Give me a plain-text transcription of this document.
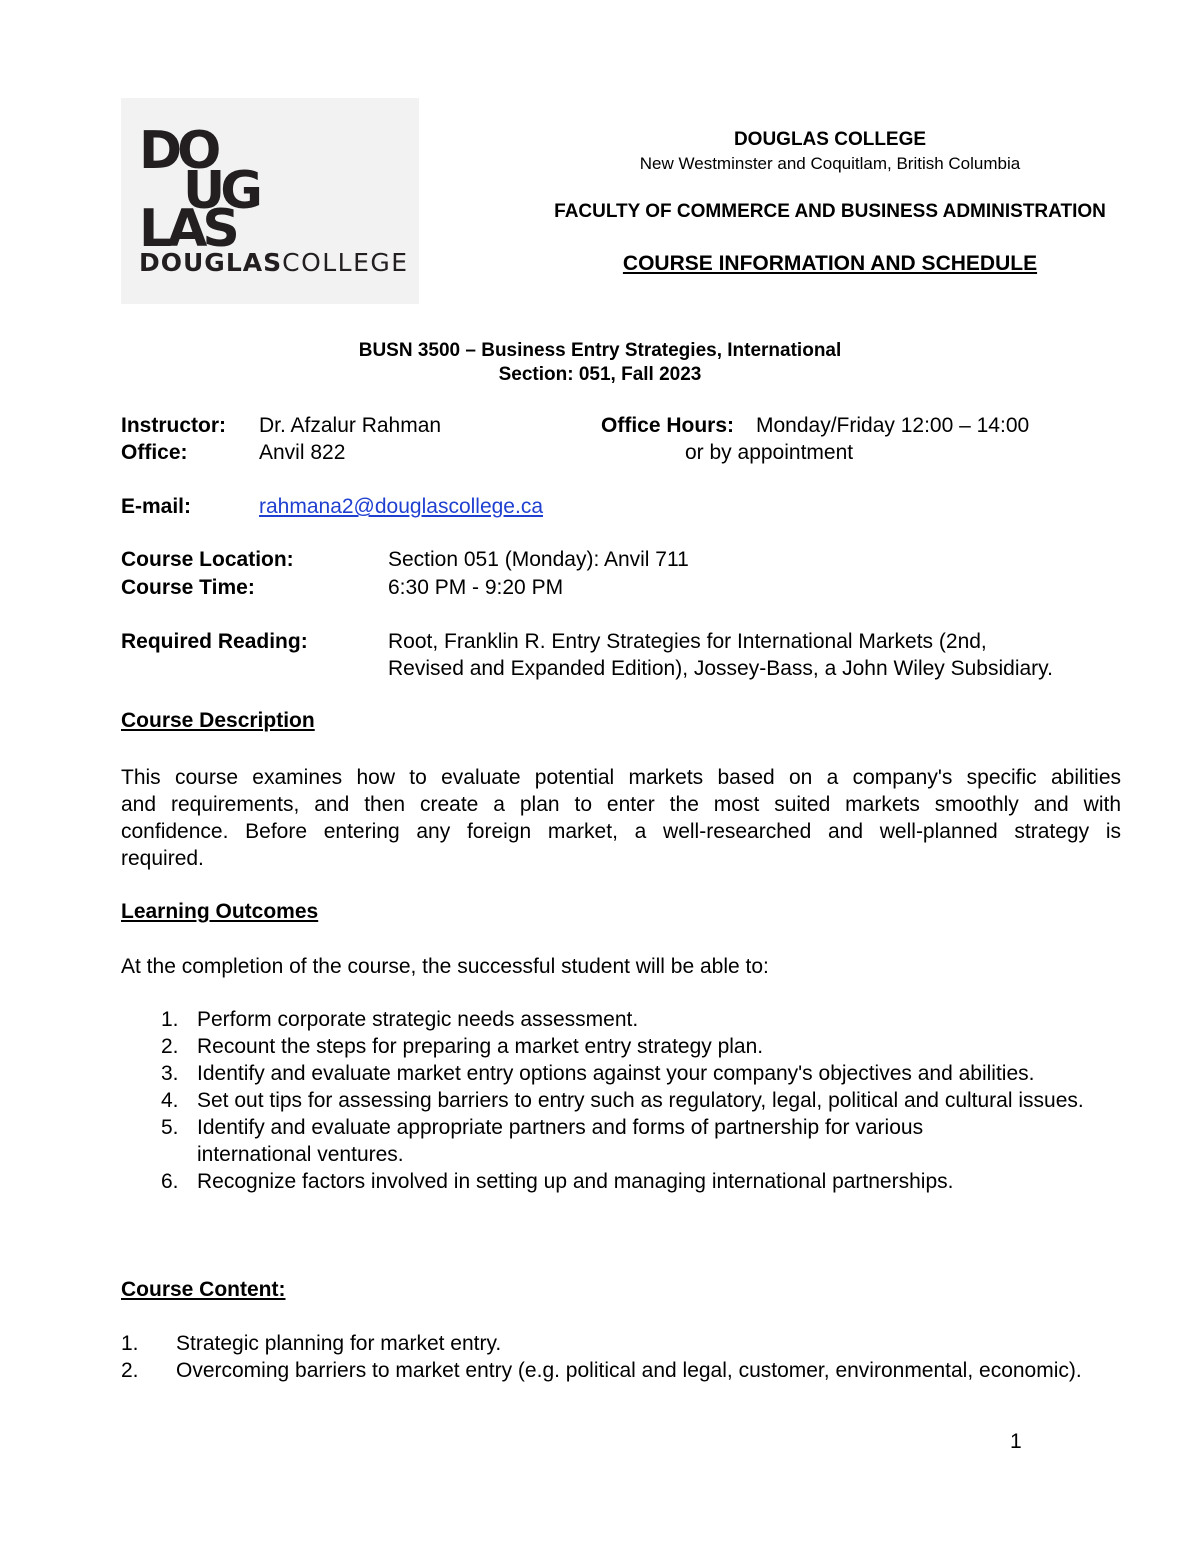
DO
UG
LAS
DOUGLASCOLLEGE
DOUGLAS COLLEGE
New Westminster and Coquitlam, British Columbia
FACULTY OF COMMERCE AND BUSINESS ADMINISTRATION
COURSE INFORMATION AND SCHEDULE
BUSN 3500 – Business Entry Strategies, International
Section: 051, Fall 2023
Instructor: Dr. Afzalur Rahman	Office Hours: Monday/Friday 12:00 – 14:00
Office:	Anvil 822	or by appointment
E-mail:	rahmana2@douglascollege.ca
Course Location:	Section 051 (Monday): Anvil 711
Course Time:	6:30 PM - 9:20 PM
Required Reading:	Root, Franklin R. Entry Strategies for International Markets (2nd,
Revised and Expanded Edition), Jossey-Bass, a John Wiley Subsidiary.
Course Description
This course examines how to evaluate potential markets based on a company's specific abilities
and requirements, and then create a plan to enter the most suited markets smoothly and with
confidence. Before entering any foreign market, a well-researched and well-planned strategy is
required.
Learning Outcomes
At the completion of the course, the successful student will be able to:
1. Perform corporate strategic needs assessment.
2. Recount the steps for preparing a market entry strategy plan.
3. Identify and evaluate market entry options against your company's objectives and abilities.
4. Set out tips for assessing barriers to entry such as regulatory, legal, political and cultural issues.
5. Identify and evaluate appropriate partners and forms of partnership for various international ventures.
6. Recognize factors involved in setting up and managing international partnerships.
Course Content:
1. Strategic planning for market entry.
2. Overcoming barriers to market entry (e.g. political and legal, customer, environmental, economic).
1
